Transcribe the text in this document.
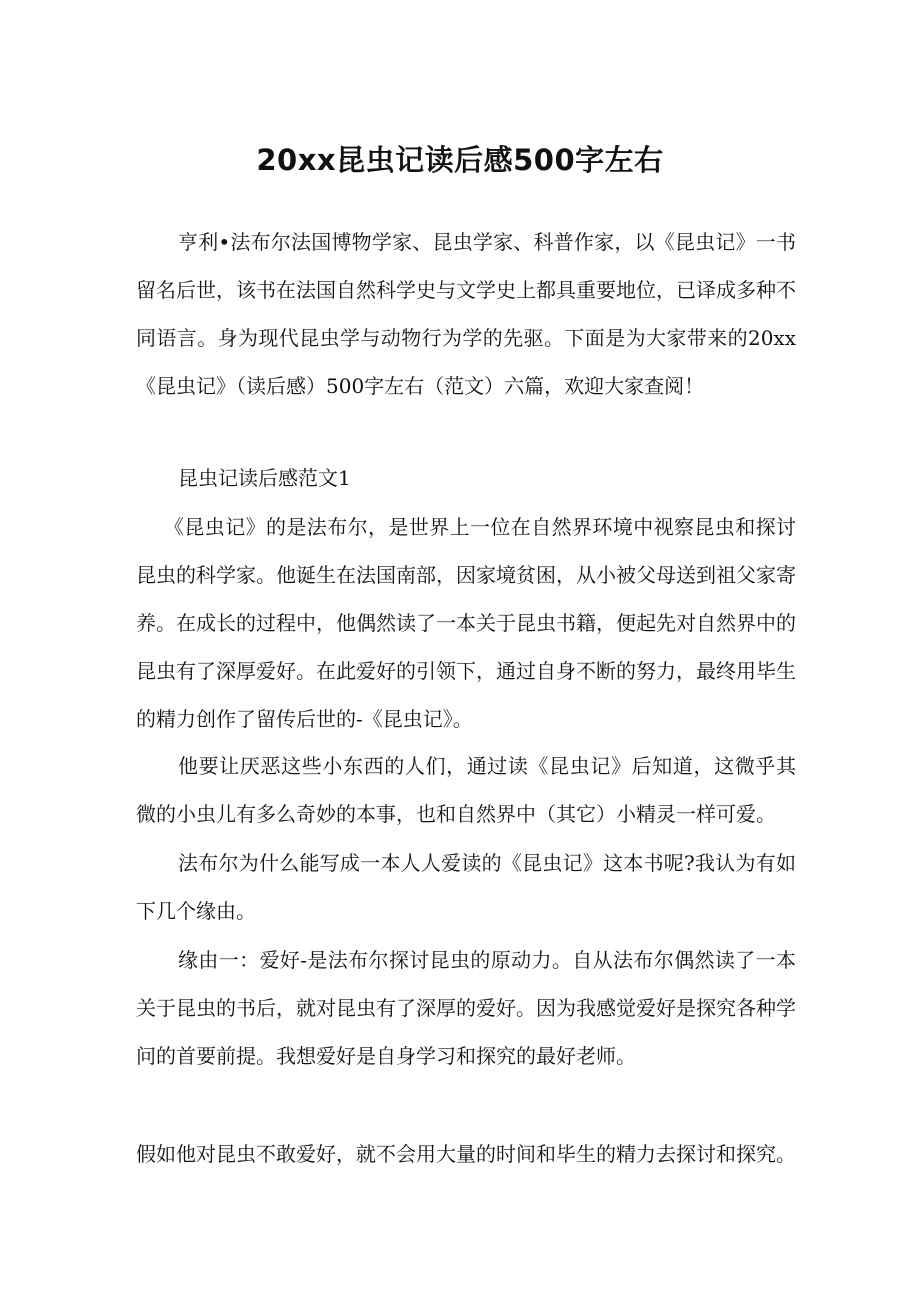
20xx昆虫记读后感500字左右

亨利•法布尔法国博物学家、昆虫学家、科普作家，以《昆虫记》一书留名后世，该书在法国自然科学史与文学史上都具重要地位，已译成多种不同语言。身为现代昆虫学与动物行为学的先驱。下面是为大家带来的20xx《昆虫记》（读后感）500字左右（范文）六篇，欢迎大家查阅！

昆虫记读后感范文1

《昆虫记》的是法布尔，是世界上一位在自然界环境中视察昆虫和探讨昆虫的科学家。他诞生在法国南部，因家境贫困，从小被父母送到祖父家寄养。在成长的过程中，他偶然读了一本关于昆虫书籍，便起先对自然界中的昆虫有了深厚爱好。在此爱好的引领下，通过自身不断的努力，最终用毕生的精力创作了留传后世的-《昆虫记》。

他要让厌恶这些小东西的人们，通过读《昆虫记》后知道，这微乎其微的小虫儿有多么奇妙的本事，也和自然界中（其它）小精灵一样可爱。

法布尔为什么能写成一本人人爱读的《昆虫记》这本书呢?我认为有如下几个缘由。

缘由一：爱好-是法布尔探讨昆虫的原动力。自从法布尔偶然读了一本关于昆虫的书后，就对昆虫有了深厚的爱好。因为我感觉爱好是探究各种学问的首要前提。我想爱好是自身学习和探究的最好老师。

假如他对昆虫不敢爱好，就不会用大量的时间和毕生的精力去探讨和探究。
